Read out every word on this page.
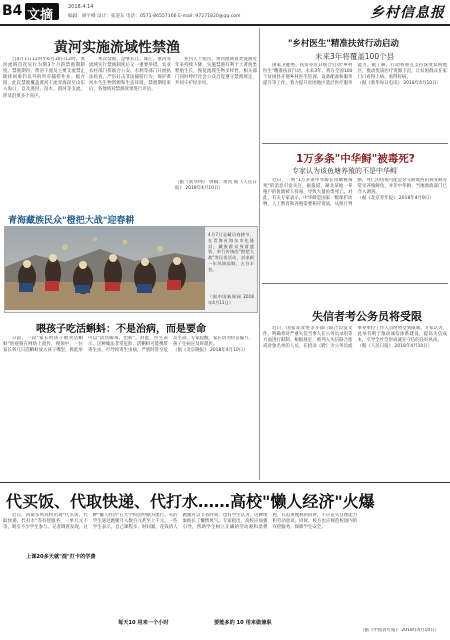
B4 文摘
2018.4.14
编辑：胡宇峰 设计：张迎东 电话：0571-86557166 E-mail: 97271820@qq.com	乡村信息报
黄河实施流域性禁渔

自4月1日12时至6月30日12时，黄河流域首次实行为期3个月的禁渔期制度。禁渔期内，黄河干流及主要支流禁止除休闲垂钓以外的所有捕捞作业。据介绍，此次禁渔覆盖黄河干流青海段至山东入海口，以及洮河、湟水、渭河等支流，涉及沿黄多个省区。

本次禁渔，是继长江、珠江、淮河等流域实行禁渔制度后又一重要举措。农业农村部门将联合公安、水利等部门开展执法检查，严厉打击非法捕捞行为，保护黄河水生生物资源和生态环境。禁渔期结束后，各地将对禁渔效果进行评估。

业内人士指出，黄河流域鱼类资源近年来持续下降，实施禁渔有利于土著鱼类繁殖生长，恢复流域生物多样性。相关部门同时呼吁社会公众自觉遵守禁渔规定，共同守护母亲河。

（据《新华网》 供稿：黄河 据《人民日报》 2018年4月10日）
青海藏族民众"橙把大战"迎春耕
4月7日是藏历春耕节，在青海省海东市化隆县，藏族群众身着盛装，举行传统的"橙把大战"等民俗活动，祈求新一年风调雨顺、五谷丰登。
（据中国新闻网 2018年4月11日）
喂孩子吃活蝌蚪：不是治病，而是要命

日前，一段"家长给孩子喂食活蝌蚪"的视频在网络上流传，视频中，一位家长将几只活蝌蚪放入孩子嘴里，称此举可以"清热解毒、治病"。对此，医生表示，这种做法非常危险，活蝌蚪可能携带寄生虫，可导致寄生虫病，严重时甚至危及生命。专家提醒，家长切勿轻信偏方，孩子生病应及时就医。

（据《北京晚报》 2018年4月10日）

"乡村医生"精准扶贫行动启动
未来3年将覆盖100个县

国家卫健委、扶贫办近日联合启动"乡村医生"精准扶贫行动。未来3年，将在全国100个贫困县开展乡村医生培训、设备配备和服务提升等工作，着力提升贫困地区基层医疗服务能力。据了解，行动将重点支持深度贫困地区，推动优质医疗资源下沉，让贫困群众在家门口看得上病、看得好病。

（据《新华每日电讯》 2018年4月10日）

1万多条"中华鲟"被毒死?
专家认为该鱼塘养殖的不是中华鲟

近日，一则"1万多条中华鲟在鱼塘被毒死"的消息引发关注。据报道，湖北某地一养殖户的鱼塘被人投毒，导致大量鱼类死亡。对此，有关专家表示，中华鲟是国家一级保护动物，人工繁育和养殖需要相应资质，从照片判断，死亡的鱼很可能是杂交鲟或西伯利亚鲟等常见养殖鲟鱼，并非中华鲟。当地渔政部门已介入调查。

（据《北京青年报》 2018年4月9日）

失信者考公务员将受限

近日，国家发改委等多部门联合印发文件，明确将对严重失信当事人在公务员录用等方面进行限制。根据规定，被列入失信联合惩戒对象名单的人员，在招录（聘）为公务员或事业单位工作人员时将受到限制。专家认为，此举有利于推动诚信体系建设，提高失信成本，引导全社会形成诚实守信的良好风尚。

（据《人民日报》 2018年4月10日）

代买饭、代取快递、代打水……高校"懒人经济"火爆

近日，河南多所高校出现"代买饭、代取快递、代打水"等有偿服务，一单几元不等，吸引不少学生参与。记者调查发现，这种"懒人经济"在大学校园中颇为流行，有的学生通过跑腿月入数百元甚至上千元。一些学生表示，自己课程多、时间紧，花钱请人跑腿可以节省时间；也有学生认为，这种现象助长了懒惰风气。专家指出，高校应加强引导，帮助学生树立正确的劳动观和消费观，在追求便利的同时，不应丧失自理能力和劳动意识。同时，校方也应规范校园内的有偿服务，保障学生安全。

上课20多天就"混"打卡的学费
每天10 用来一个小时	要能多的 10 用来做兼职
（据《中国青年报》 2018年4月10日）
